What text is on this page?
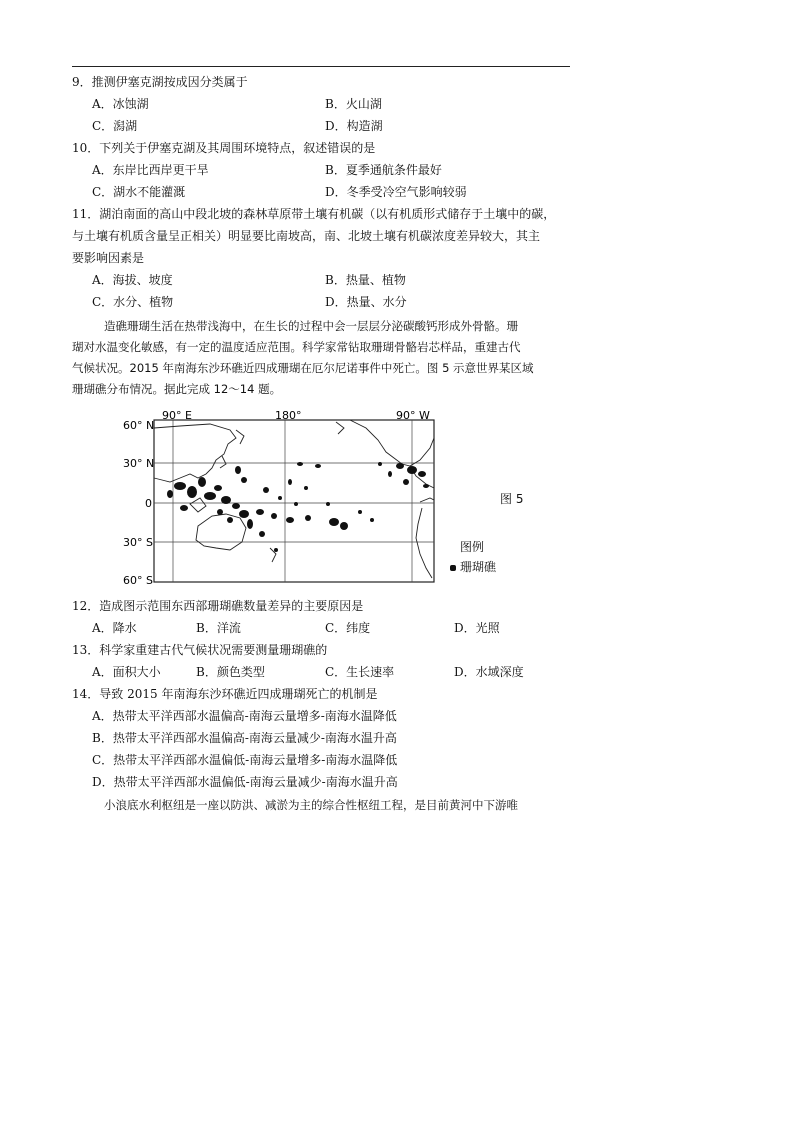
9．推测伊塞克湖按成因分类属于
A．冰蚀湖	B．火山湖
C．潟湖	D．构造湖
10．下列关于伊塞克湖及其周围环境特点，叙述错误的是
A．东岸比西岸更干旱	B．夏季通航条件最好
C．湖水不能灌溉	D．冬季受冷空气影响较弱
11．湖泊南面的高山中段北坡的森林草原带土壤有机碳（以有机质形式储存于土壤中的碳，
与土壤有机质含量呈正相关）明显要比南坡高，南、北坡土壤有机碳浓度差异较大，其主
要影响因素是
A．海拔、坡度	B．热量、植物
C．水分、植物	D．热量、水分
造礁珊瑚生活在热带浅海中，在生长的过程中会一层层分泌碳酸钙形成外骨骼。珊
瑚对水温变化敏感，有一定的温度适应范围。科学家常钻取珊瑚骨骼岩芯样品，重建古代
气候状况。2015 年南海东沙环礁近四成珊瑚在厄尔尼诺事件中死亡。图 5 示意世界某区域
珊瑚礁分布情况。据此完成 12～14 题。
90° E	180°	90° W
60° N
30° N
0
30° S
60° S
图 5
图例
珊瑚礁
12．造成图示范围东西部珊瑚礁数量差异的主要原因是
A．降水	B．洋流	C．纬度	D．光照
13．科学家重建古代气候状况需要测量珊瑚礁的
A．面积大小	B．颜色类型	C．生长速率	D．水域深度
14．导致 2015 年南海东沙环礁近四成珊瑚死亡的机制是
A．热带太平洋西部水温偏高-南海云量增多-南海水温降低
B．热带太平洋西部水温偏高-南海云量减少-南海水温升高
C．热带太平洋西部水温偏低-南海云量增多-南海水温降低
D．热带太平洋西部水温偏低-南海云量减少-南海水温升高
小浪底水利枢纽是一座以防洪、减淤为主的综合性枢纽工程，是目前黄河中下游唯
